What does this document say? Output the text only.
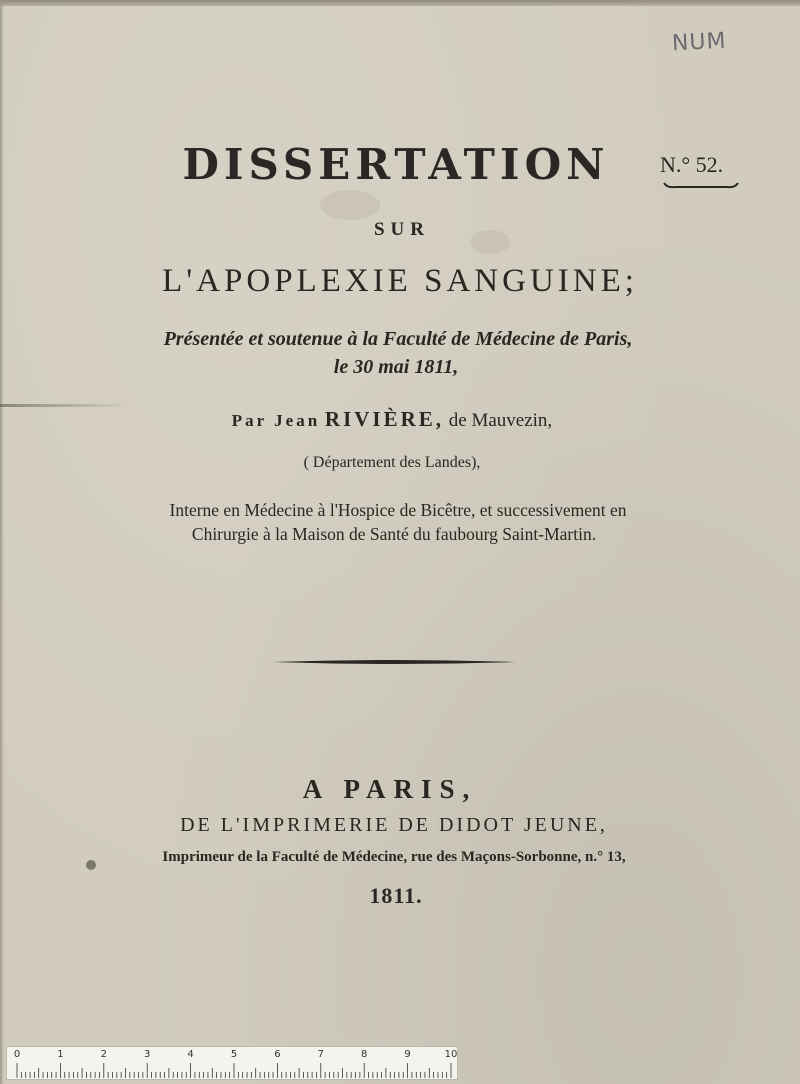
NUM
DISSERTATION	N.° 52.
SUR
L'APOPLEXIE SANGUINE;
Présentée et soutenue à la Faculté de Médecine de Paris,
le 30 mai 1811,
Par Jean RIVIÈRE, de Mauvezin,
( Département des Landes),
Interne en Médecine à l'Hospice de Bicêtre, et successivement en
Chirurgie à la Maison de Santé du faubourg Saint-Martin.
A PARIS,
DE L'IMPRIMERIE DE DIDOT JEUNE,
Imprimeur de la Faculté de Médecine, rue des Maçons-Sorbonne, n.° 13,
1811.
0	1	2	3	4	5	6	7	8	9	10
